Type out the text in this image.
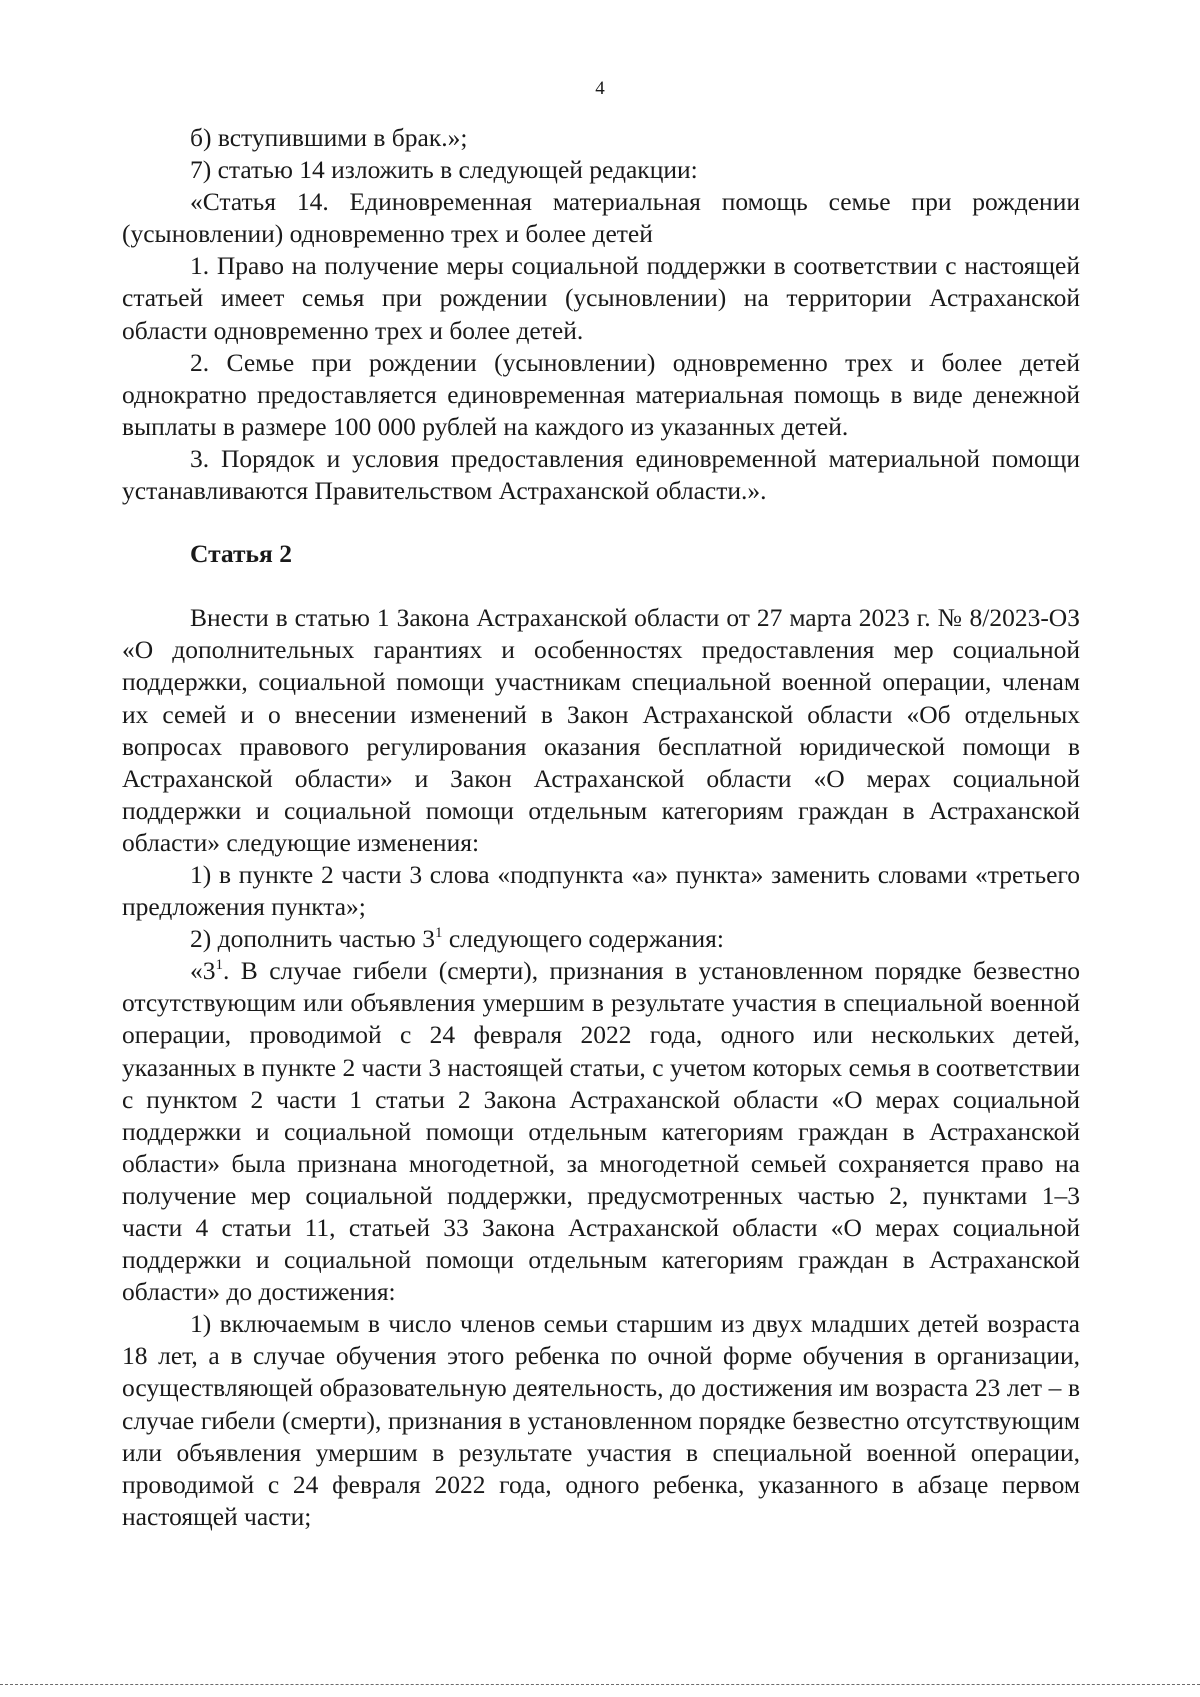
4

б) вступившими в брак.»;

7) статью 14 изложить в следующей редакции:

«Статья 14. Единовременная материальная помощь семье при рождении (усыновлении) одновременно трех и более детей

1. Право на получение меры социальной поддержки в соответствии с настоящей статьей имеет семья при рождении (усыновлении) на территории Астраханской области одновременно трех и более детей.

2. Семье при рождении (усыновлении) одновременно трех и более детей однократно предоставляется единовременная материальная помощь в виде денежной выплаты в размере 100 000 рублей на каждого из указанных детей.

3. Порядок и условия предоставления единовременной материальной помощи устанавливаются Правительством Астраханской области.».

Статья 2

Внести в статью 1 Закона Астраханской области от 27 марта 2023 г. № 8/2023-ОЗ «О дополнительных гарантиях и особенностях предоставления мер социальной поддержки, социальной помощи участникам специальной военной операции, членам их семей и о внесении изменений в Закон Астраханской области «Об отдельных вопросах правового регулирования оказания бесплатной юридической помощи в Астраханской области» и Закон Астраханской области «О мерах социальной поддержки и социальной помощи отдельным категориям граждан в Астраханской области» следующие изменения:

1) в пункте 2 части 3 слова «подпункта «а» пункта» заменить словами «третьего предложения пункта»;

2) дополнить частью $3^1$ следующего содержания:

«$3^1$. В случае гибели (смерти), признания в установленном порядке безвестно отсутствующим или объявления умершим в результате участия в специальной военной операции, проводимой с 24 февраля 2022 года, одного или нескольких детей, указанных в пункте 2 части 3 настоящей статьи, с учетом которых семья в соответствии с пунктом 2 части 1 статьи 2 Закона Астраханской области «О мерах социальной поддержки и социальной помощи отдельным категориям граждан в Астраханской области» была признана многодетной, за многодетной семьей сохраняется право на получение мер социальной поддержки, предусмотренных частью 2, пунктами 1–3 части 4 статьи 11, статьей 33 Закона Астраханской области «О мерах социальной поддержки и социальной помощи отдельным категориям граждан в Астраханской области» до достижения:

1) включаемым в число членов семьи старшим из двух младших детей возраста 18 лет, а в случае обучения этого ребенка по очной форме обучения в организации, осуществляющей образовательную деятельность, до достижения им возраста 23 лет – в случае гибели (смерти), признания в установленном порядке безвестно отсутствующим или объявления умершим в результате участия в специальной военной операции, проводимой с 24 февраля 2022 года, одного ребенка, указанного в абзаце первом настоящей части;
